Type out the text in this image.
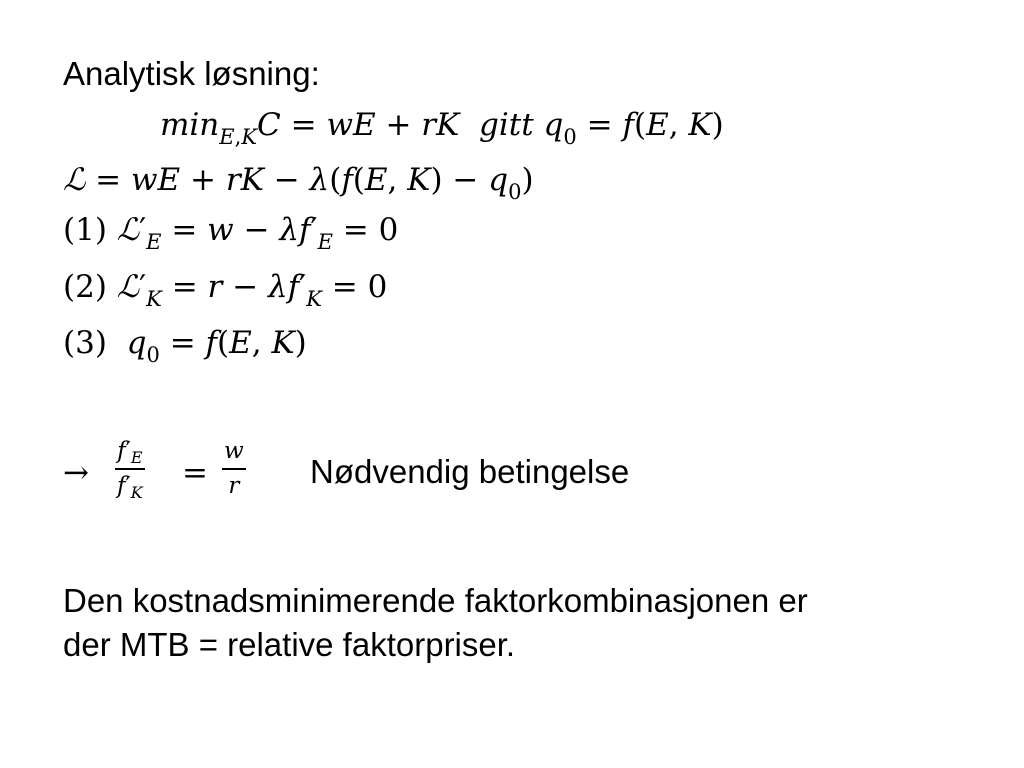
Analytisk løsning:
$\min_{E,K}C$ = wE + rK gitt $q_0 = f(E$, K)
ℒ = wE + rK − λ(f(E, $K) - q_0$)
(1) $ℒ'_E = w - \lambda f'_E = 0$
(2) $ℒ'_K = r - \lambda f'_K = 0$
(3)  $q_0 = f(E$, K)
→
$f'_E$
$f'_K$
=
w
r Nødvendig betingelse
Den kostnadsminimerende faktorkombinasjonen er
der MTB = relative faktorpriser.
